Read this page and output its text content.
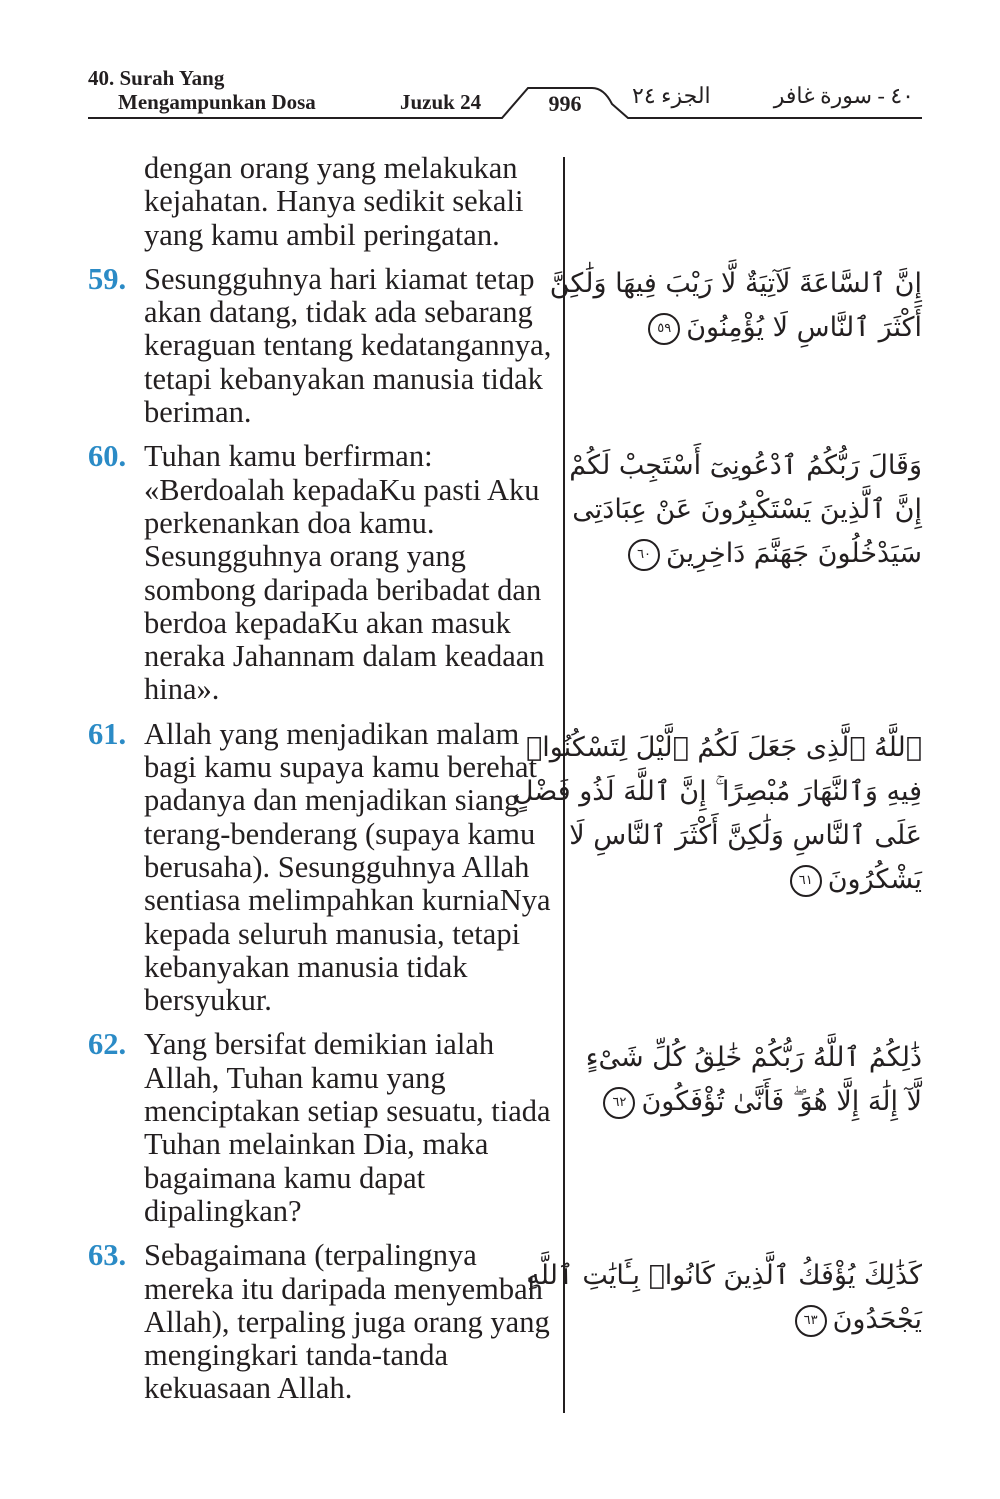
40. Surah Yang
Mengampunkan Dosa	Juzuk 24	996	الجزء ٢٤	٤٠ - سورة غافر
dengan orang yang melakukan kejahatan. Hanya sedikit sekali yang kamu ambil peringatan.
59. Sesungguhnya hari kiamat tetap akan datang, tidak ada sebarang keraguan tentang kedatangannya, tetapi kebanyakan manusia tidak beriman.
60. Tuhan kamu berfirman: «Berdoalah kepadaKu pasti Aku perkenankan doa kamu. Sesungguhnya orang yang sombong daripada beribadat dan berdoa kepadaKu akan masuk neraka Jahannam dalam keadaan hina».
61. Allah yang menjadikan malam bagi kamu supaya kamu berehat padanya dan menjadikan siang terang-benderang (supaya kamu berusaha). Sesungguhnya Allah sentiasa melimpahkan kurniaNya kepada seluruh manusia, tetapi kebanyakan manusia tidak bersyukur.
62. Yang bersifat demikian ialah Allah, Tuhan kamu yang menciptakan setiap sesuatu, tiada Tuhan melainkan Dia, maka bagaimana kamu dapat dipalingkan?
63. Sebagaimana (terpalingnya mereka itu daripada menyembah Allah), terpaling juga orang yang mengingkari tanda-tanda kekuasaan Allah.
إِنَّ ٱلسَّاعَةَ لَآتِيَةٌ لَّا رَيْبَ فِيهَا وَلَٰكِنَّ
أَكْثَرَ ٱلنَّاسِ لَا يُؤْمِنُونَ٥٩
وَقَالَ رَبُّكُمُ ٱدْعُونِىٓ أَسْتَجِبْ لَكُمْ
إِنَّ ٱلَّذِينَ يَسْتَكْبِرُونَ عَنْ عِبَادَتِى
سَيَدْخُلُونَ جَهَنَّمَ دَاخِرِينَ٦٠
ٱللَّهُ ٱلَّذِى جَعَلَ لَكُمُ ٱلَّيْلَ لِتَسْكُنُوا۟
فِيهِ وَٱلنَّهَارَ مُبْصِرًا ۚ إِنَّ ٱللَّهَ لَذُو فَضْلٍ
عَلَى ٱلنَّاسِ وَلَٰكِنَّ أَكْثَرَ ٱلنَّاسِ لَا
يَشْكُرُونَ٦١
ذَٰلِكُمُ ٱللَّهُ رَبُّكُمْ خَٰلِقُ كُلِّ شَىْءٍ
لَّآ إِلَٰهَ إِلَّا هُوَ ۖ فَأَنَّىٰ تُؤْفَكُونَ٦٢
كَذَٰلِكَ يُؤْفَكُ ٱلَّذِينَ كَانُوا۟ بِـَٔايَٰتِ ٱللَّهِ
يَجْحَدُونَ٦٣
